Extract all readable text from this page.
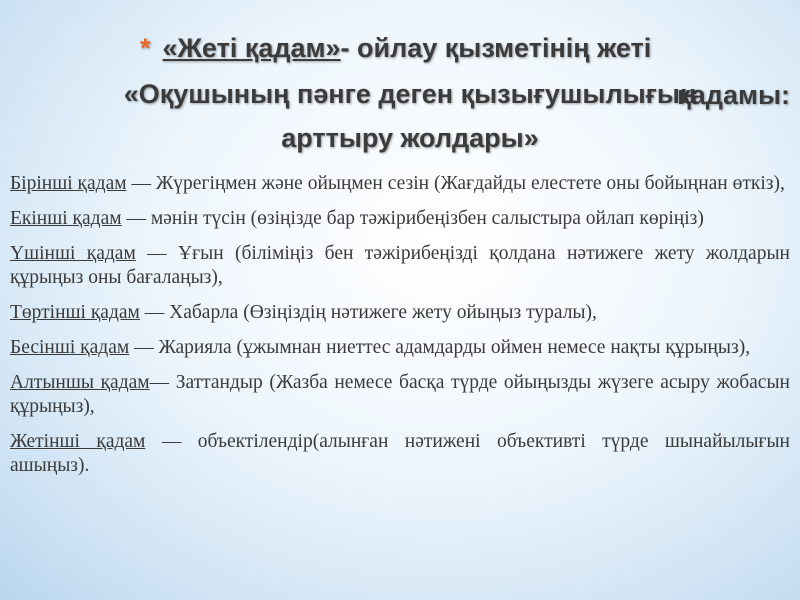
* «Жеті қадам»- ойлау қызметінің жеті
қадамы:
«Оқушының пәнге деген қызығушылығын
арттыру жолдары»
Бірінші қадам — Жүрегіңмен және ойыңмен сезін (Жағдайды елестете оны бойыңнан өткіз),
Екінші қадам — мәнін түсін (өзіңізде бар тәжірибеңізбен салыстыра ойлап көріңіз)
Үшінші қадам — Ұғын (біліміңіз бен тәжірибеңізді қолдана нәтижеге жету жолдарын құрыңыз оны бағалаңыз),
Төртінші қадам — Хабарла (Өзіңіздің нәтижеге жету ойыңыз туралы),
Бесінші қадам — Жарияла (ұжымнан ниеттес адамдарды оймен немесе нақты құрыңыз),
Алтыншы қадам— Заттандыр (Жазба немесе басқа түрде ойыңызды жүзеге асыру жобасын құрыңыз),
Жетінші қадам — объектілендір(алынған нәтижені объективті түрде шынайылығын ашыңыз).
